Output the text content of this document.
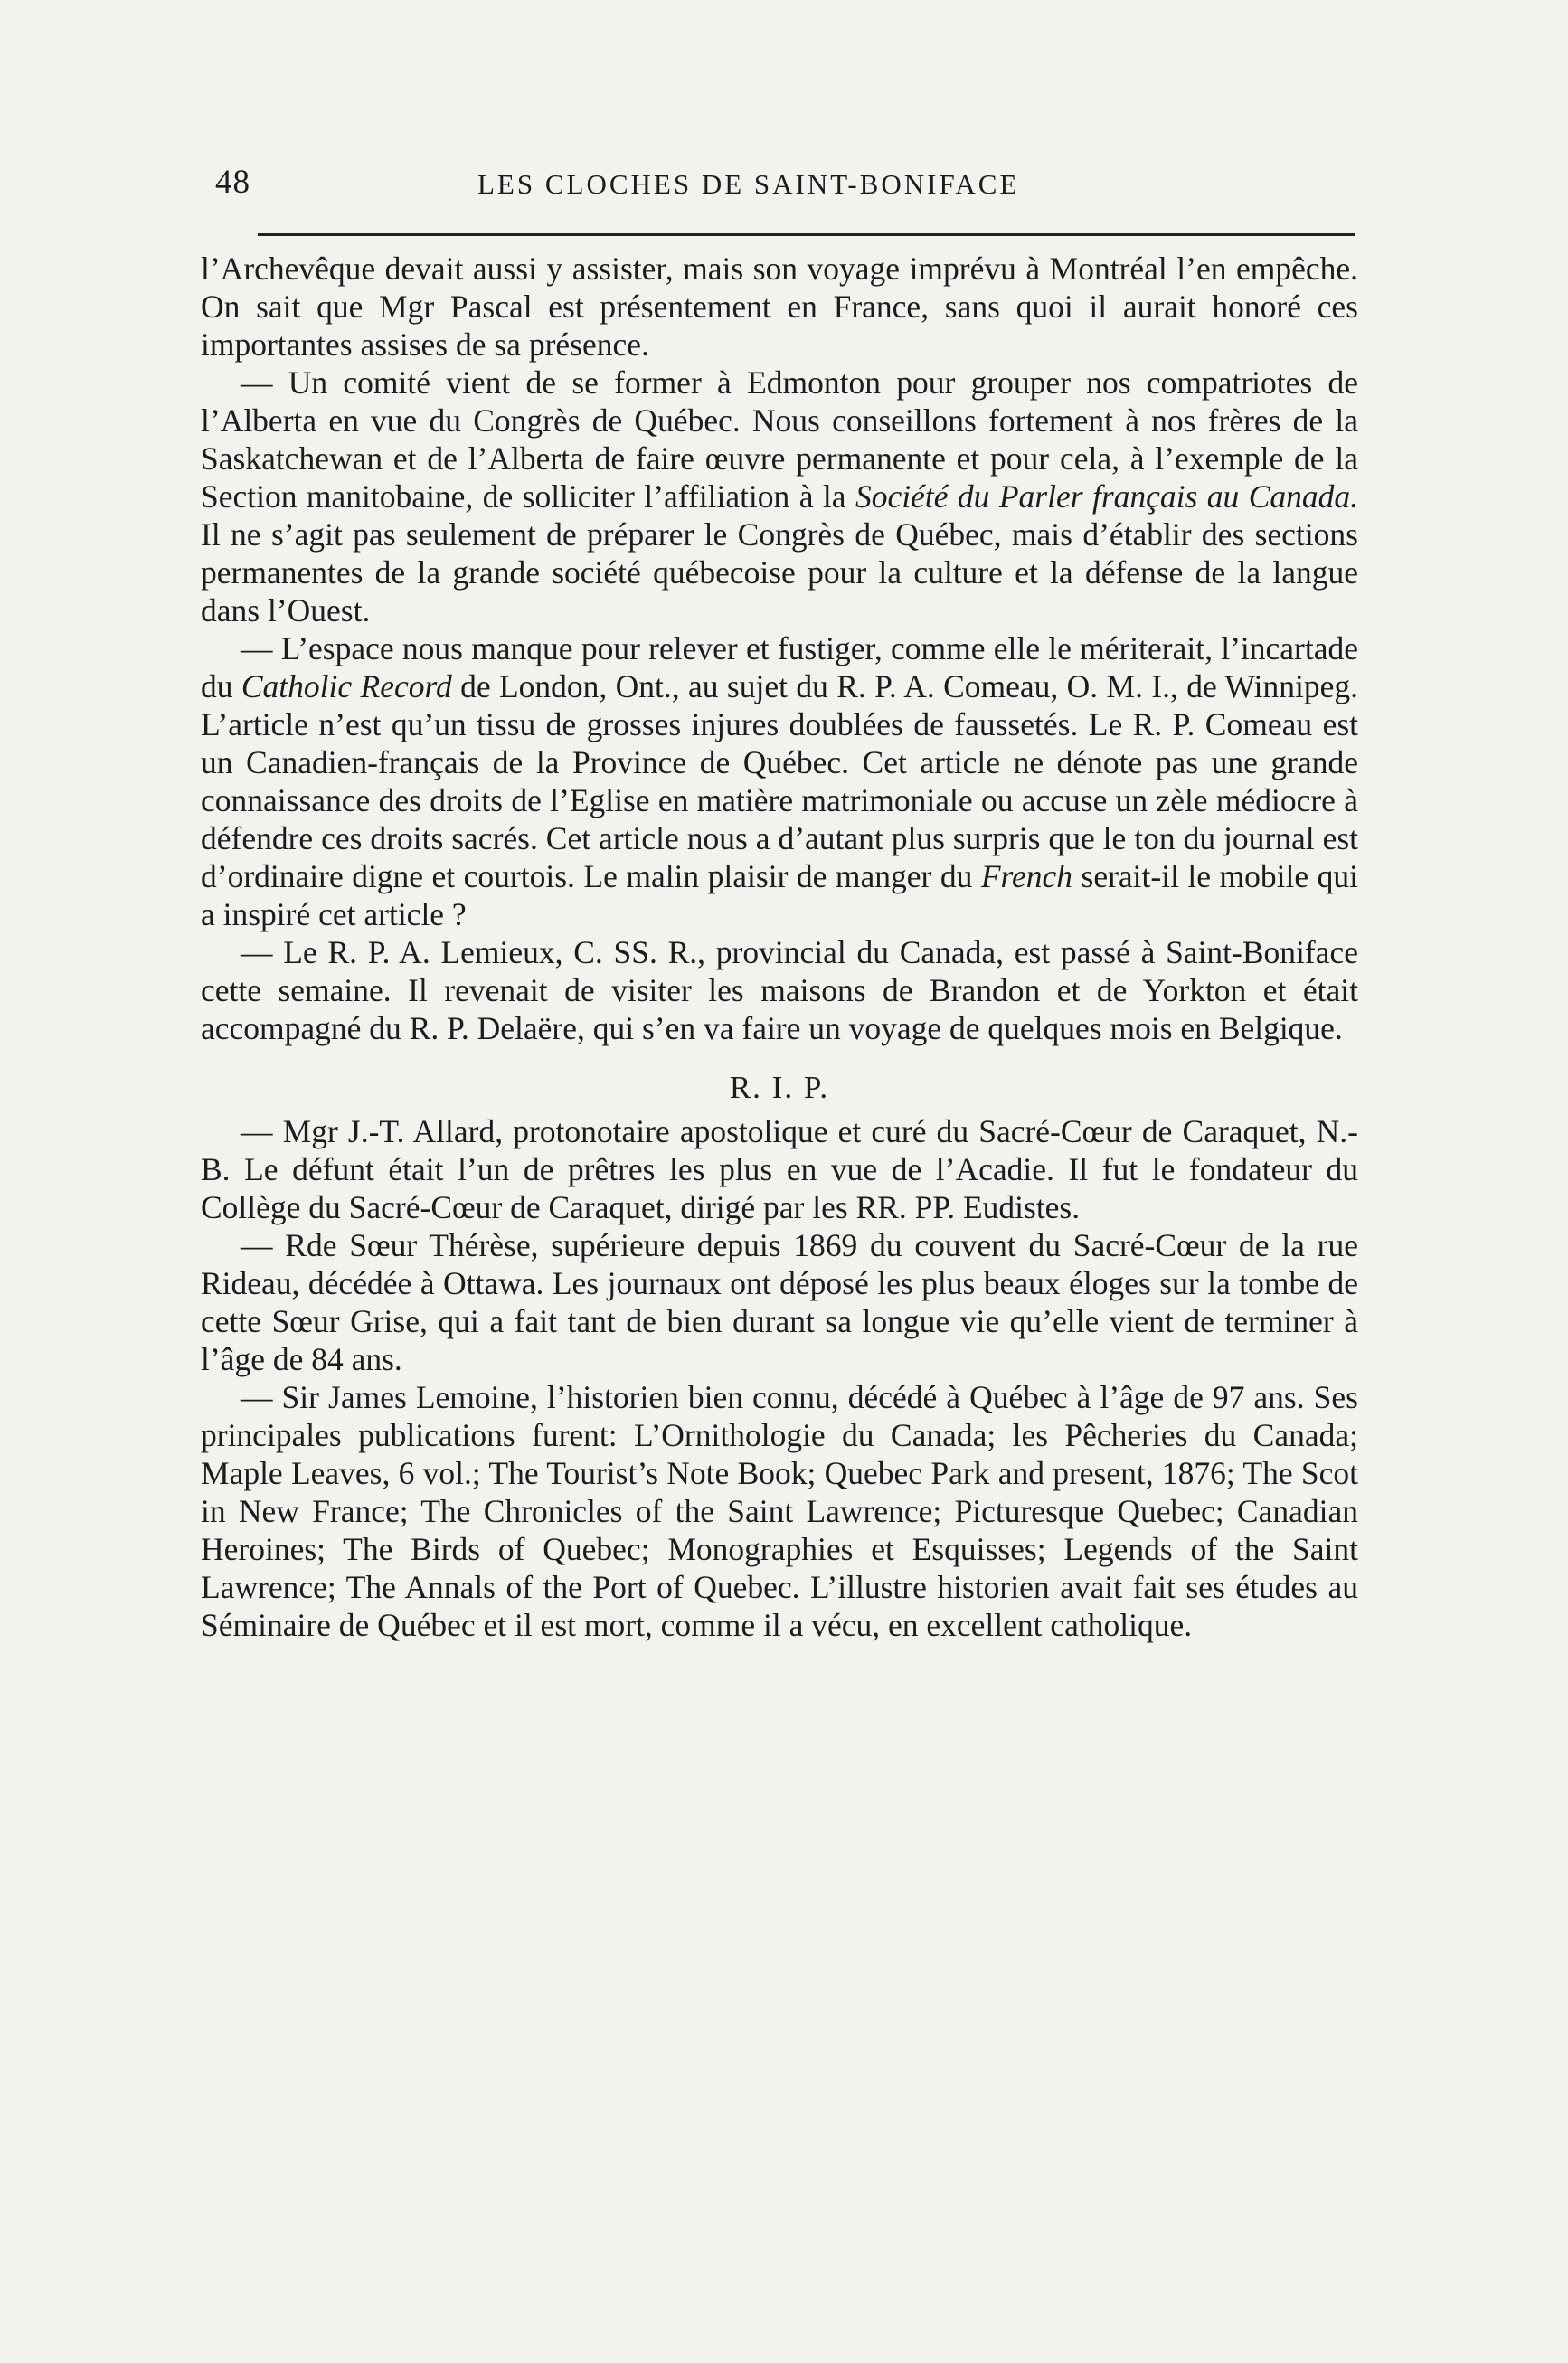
48	LES CLOCHES DE SAINT-BONIFACE

l’Archevêque devait aussi y assister, mais son voyage imprévu à Montréal l’en empêche. On sait que Mgr Pascal est présentement en France, sans quoi il aurait honoré ces importantes assises de sa présence.

— Un comité vient de se former à Edmonton pour grouper nos compatriotes de l’Alberta en vue du Congrès de Québec. Nous conseillons fortement à nos frères de la Saskatchewan et de l’Alberta de faire œuvre permanente et pour cela, à l’exemple de la Section manitobaine, de solliciter l’affiliation à la Société du Parler français au Canada. Il ne s’agit pas seulement de préparer le Congrès de Québec, mais d’établir des sections permanentes de la grande société québecoise pour la culture et la défense de la langue dans l’Ouest.

— L’espace nous manque pour relever et fustiger, comme elle le mériterait, l’incartade du Catholic Record de London, Ont., au sujet du R. P. A. Comeau, O. M. I., de Winnipeg. L’article n’est qu’un tissu de grosses injures doublées de faussetés. Le R. P. Comeau est un Canadien-français de la Province de Québec. Cet article ne dénote pas une grande connaissance des droits de l’Eglise en matière matrimoniale ou accuse un zèle médiocre à défendre ces droits sacrés. Cet article nous a d’autant plus surpris que le ton du journal est d’ordinaire digne et courtois. Le malin plaisir de manger du French serait-il le mobile qui a inspiré cet article ?

— Le R. P. A. Lemieux, C. SS. R., provincial du Canada, est passé à Saint-Boniface cette semaine. Il revenait de visiter les maisons de Brandon et de Yorkton et était accompagné du R. P. Delaëre, qui s’en va faire un voyage de quelques mois en Belgique.

R. I. P.

— Mgr J.-T. Allard, protonotaire apostolique et curé du Sacré-Cœur de Caraquet, N.-B. Le défunt était l’un de prêtres les plus en vue de l’Acadie. Il fut le fondateur du Collège du Sacré-Cœur de Caraquet, dirigé par les RR. PP. Eudistes.

— Rde Sœur Thérèse, supérieure depuis 1869 du couvent du Sacré-Cœur de la rue Rideau, décédée à Ottawa. Les journaux ont déposé les plus beaux éloges sur la tombe de cette Sœur Grise, qui a fait tant de bien durant sa longue vie qu’elle vient de terminer à l’âge de 84 ans.

— Sir James Lemoine, l’historien bien connu, décédé à Québec à l’âge de 97 ans. Ses principales publications furent: L’Ornithologie du Canada; les Pêcheries du Canada; Maple Leaves, 6 vol.; The Tourist’s Note Book; Quebec Park and present, 1876; The Scot in New France; The Chronicles of the Saint Lawrence; Picturesque Quebec; Canadian Heroines; The Birds of Quebec; Monographies et Esquisses; Legends of the Saint Lawrence; The Annals of the Port of Quebec. L’illustre historien avait fait ses études au Séminaire de Québec et il est mort, comme il a vécu, en excellent catholique.
